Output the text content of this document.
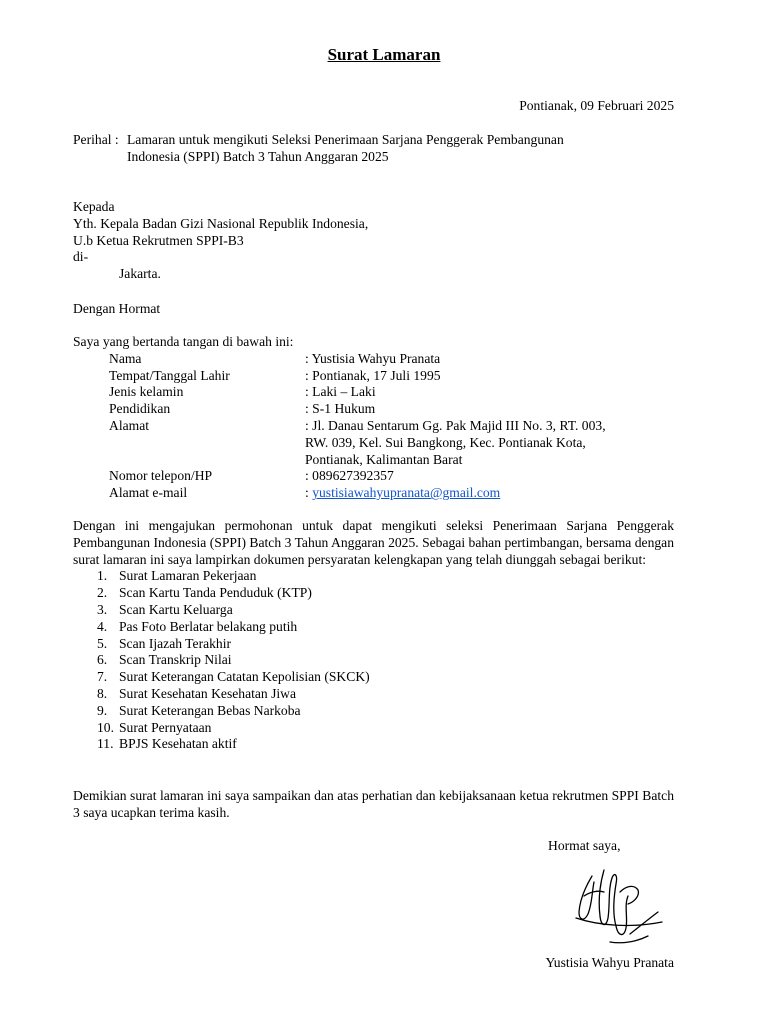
Surat Lamaran
Pontianak, 09 Februari 2025
Perihal : Lamaran untuk mengikuti Seleksi Penerimaan Sarjana Penggerak Pembangunan
Indonesia (SPPI) Batch 3 Tahun Anggaran 2025
Kepada
Yth. Kepala Badan Gizi Nasional Republik Indonesia,
U.b Ketua Rekrutmen SPPI-B3
di-
Jakarta.
Dengan Hormat
Saya yang bertanda tangan di bawah ini:
Nama	: Yustisia Wahyu Pranata
Tempat/Tanggal Lahir	: Pontianak, 17 Juli 1995
Jenis kelamin	: Laki – Laki
Pendidikan	: S-1 Hukum
Alamat	: Jl. Danau Sentarum Gg. Pak Majid III No. 3, RT. 003,
RW. 039, Kel. Sui Bangkong, Kec. Pontianak Kota,
Pontianak, Kalimantan Barat
Nomor telepon/HP	: 089627392357
Alamat e-mail	: yustisiawahyupranata@gmail.com
Dengan ini mengajukan permohonan untuk dapat mengikuti seleksi Penerimaan Sarjana Penggerak Pembangunan Indonesia (SPPI) Batch 3 Tahun Anggaran 2025. Sebagai bahan pertimbangan, bersama dengan surat lamaran ini saya lampirkan dokumen persyaratan kelengkapan yang telah diunggah sebagai berikut:
1. Surat Lamaran Pekerjaan
2. Scan Kartu Tanda Penduduk (KTP)
3. Scan Kartu Keluarga
4. Pas Foto Berlatar belakang putih
5. Scan Ijazah Terakhir
6. Scan Transkrip Nilai
7. Surat Keterangan Catatan Kepolisian (SKCK)
8. Surat Kesehatan Kesehatan Jiwa
9. Surat Keterangan Bebas Narkoba
10. Surat Pernyataan
11. BPJS Kesehatan aktif
Demikian surat lamaran ini saya sampaikan dan atas perhatian dan kebijaksanaan ketua rekrutmen SPPI Batch 3 saya ucapkan terima kasih.
Hormat saya,
Yustisia Wahyu Pranata
